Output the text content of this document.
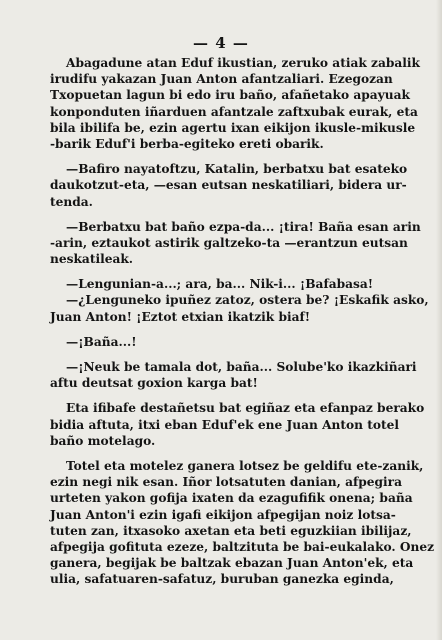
— 4 —
Abagadune atan Eduf ikustian, zeruko atiak zabalik
irudifu yakazan Juan Anton afantzaliari. Ezegozan
Txopuetan lagun bi edo iru baño, afañetako apayuak
konponduten iñarduen afantzale zaftxubak eurak, eta
bila ibilifa be, ezin agertu ixan eikijon ikusle-mikusle
-barik Eduf'i berba-egiteko ereti obarik.
—Bafiro nayatoftzu, Katalin, berbatxu bat esateko
daukotzut-eta, —esan eutsan neskatiliari, bidera ur-
tenda.
—Berbatxu bat baño ezpa-da... ¡tira! Baña esan arin
-arin, eztaukot astirik galtzeko-ta —erantzun eutsan
neskatileak.
—Lengunian-a...; ara, ba... Nik-i... ¡Bafabasa!
—¿Lenguneko ipuñez zatoz, ostera be? ¡Eskafik asko,
Juan Anton! ¡Eztot etxian ikatzik biaf!
—¡Baña...!
—¡Neuk be tamala dot, baña... Solube'ko ikazkiñari
aftu deutsat goxion karga bat!
Eta ifibafe destañetsu bat egiñaz eta efanpaz berako
bidia aftuta, itxi eban Eduf'ek ene Juan Anton totel
baño motelago.
Totel eta motelez ganera lotsez be geldifu ete-zanik,
ezin negi nik esan. Iñor lotsatuten danian, afpegira
urteten yakon gofija ixaten da ezagufifik onena; baña
Juan Anton'i ezin igafi eikijon afpegijan noiz lotsa-
tuten zan, itxasoko axetan eta beti eguzkiian ibilijaz,
afpegija gofituta ezeze, baltzituta be bai-eukalako. Onez
ganera, begijak be baltzak ebazan Juan Anton'ek, eta
ulia, safatuaren-safatuz, buruban ganezka eginda,
